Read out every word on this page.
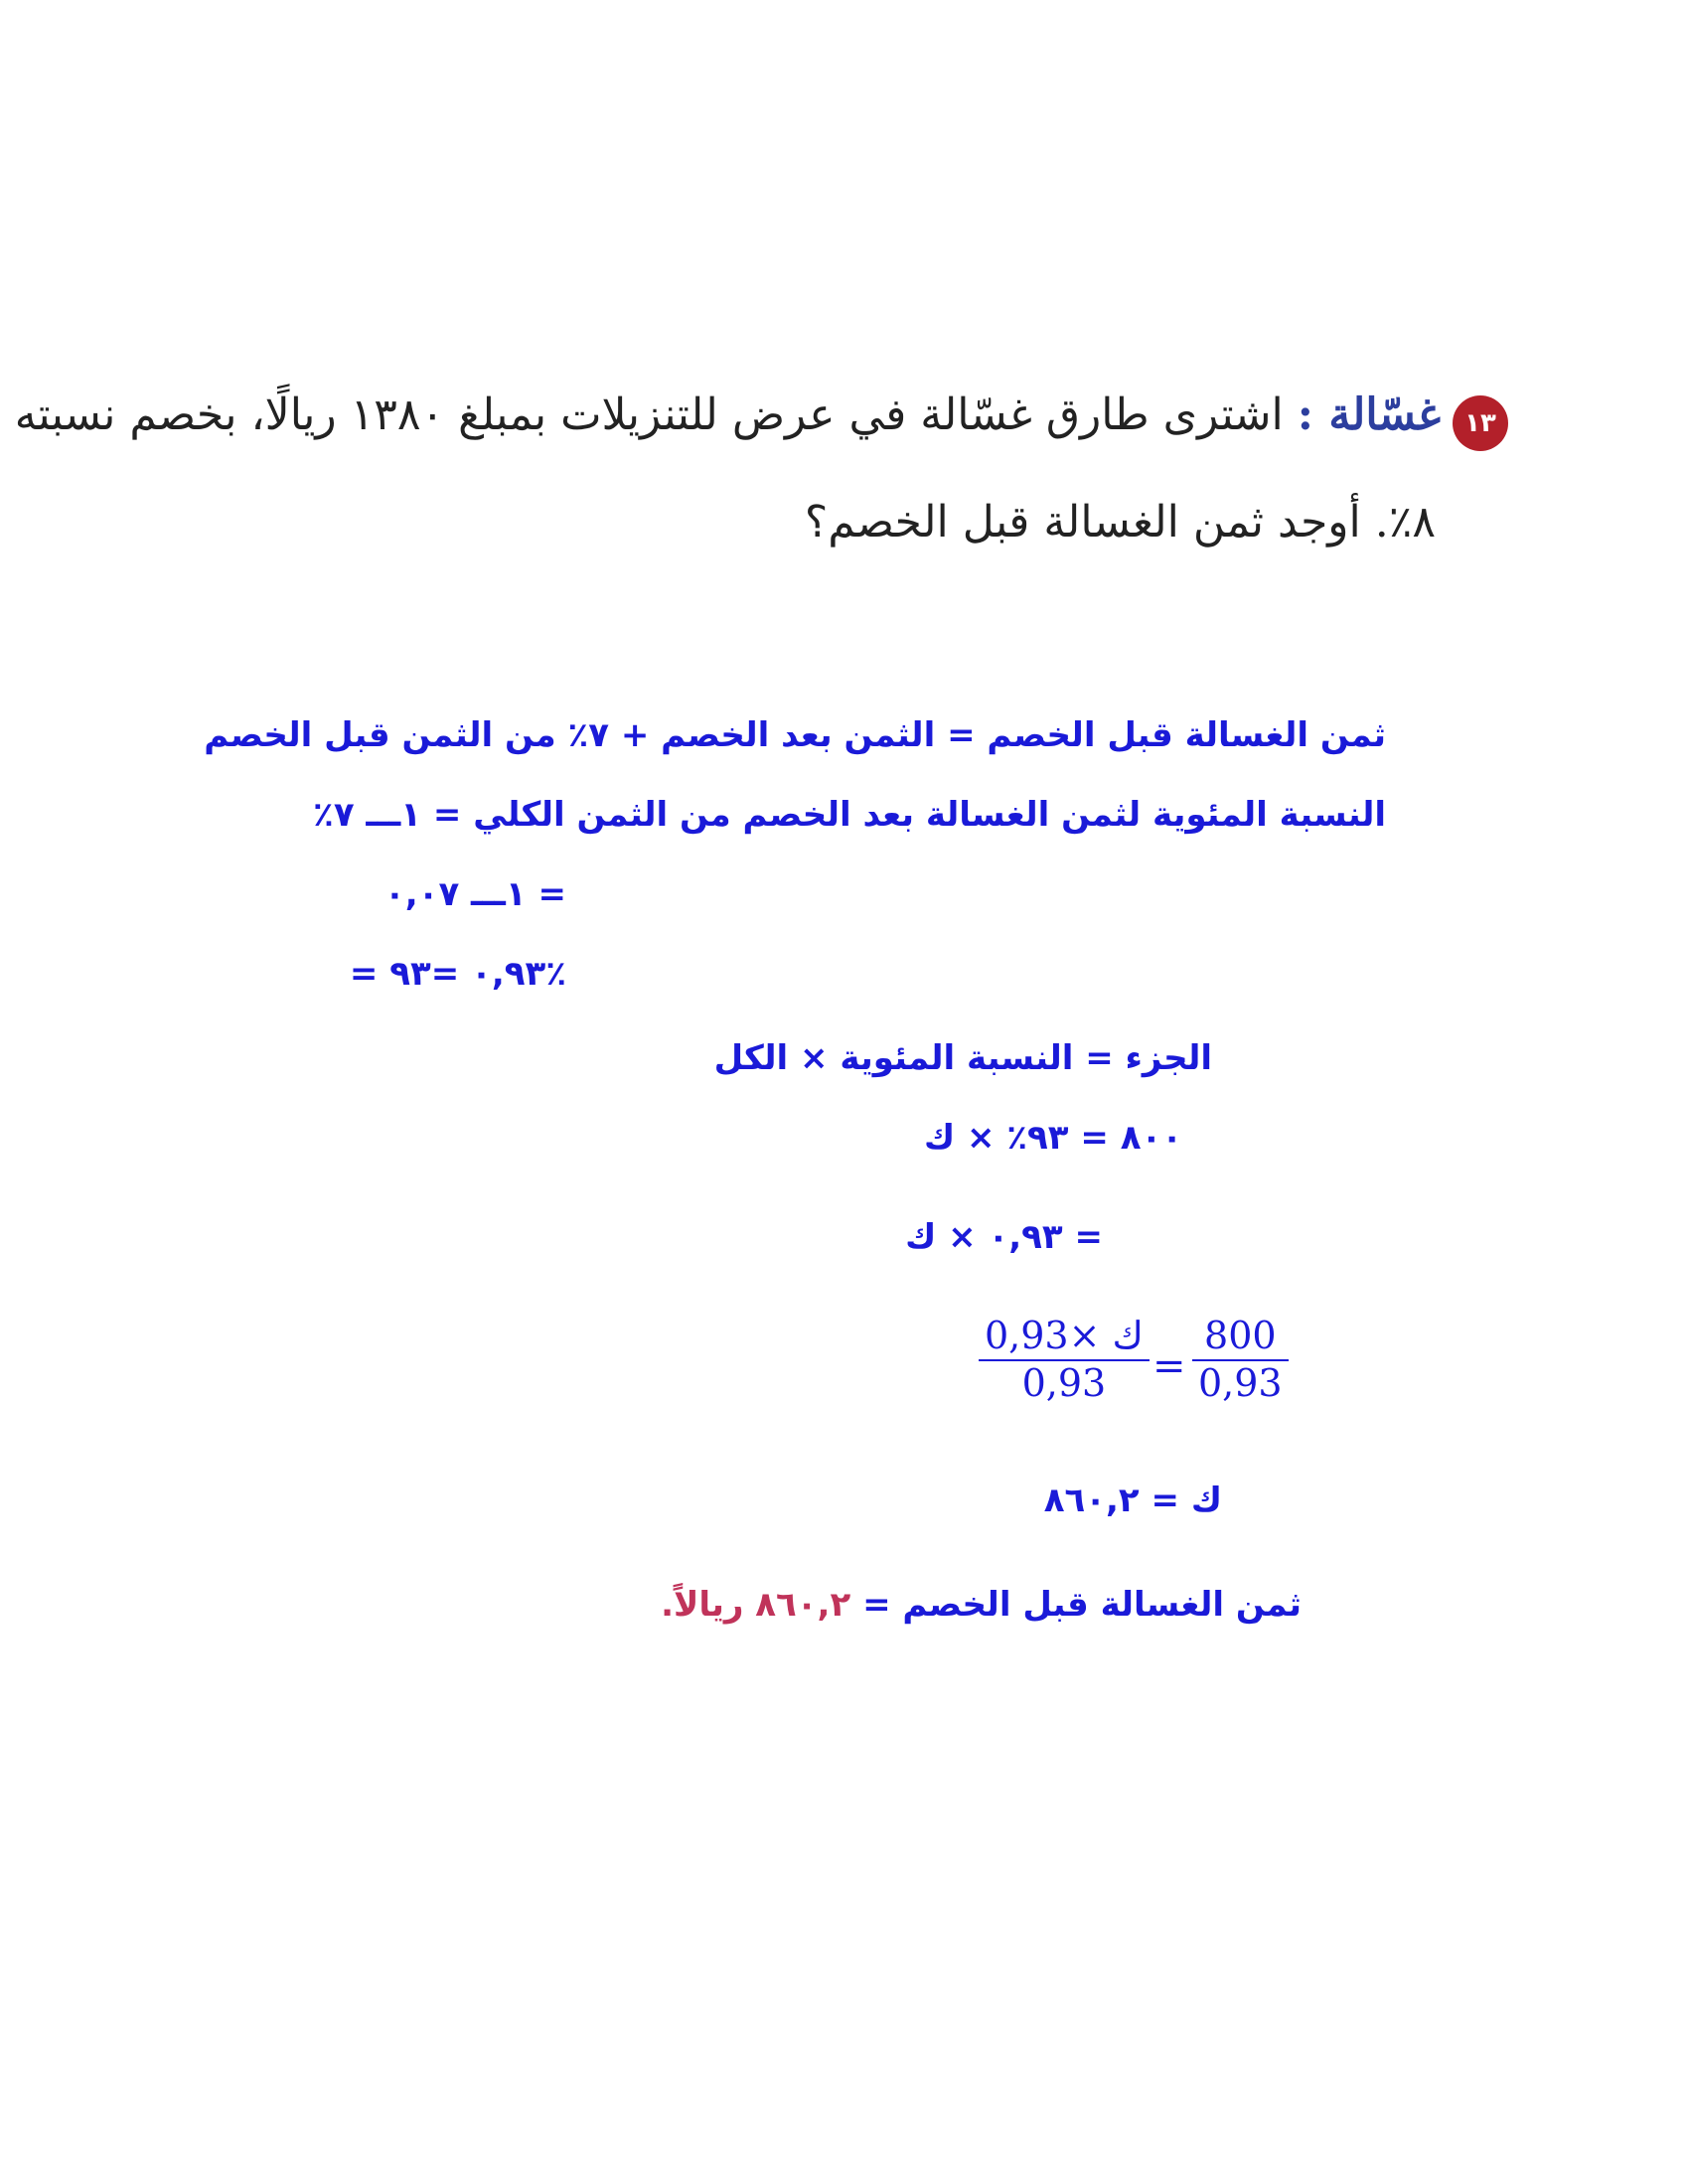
١٣
غسّالة : اشترى طارق غسّالة في عرض للتنزيلات بمبلغ ١٣٨٠ ريالًا، بخصم نسبته
٨٪. أوجد ثمن الغسالة قبل الخصم؟
ثمن الغسالة قبل الخصم = الثمن بعد الخصم + ٧٪ من الثمن قبل الخصم
النسبة المئوية لثمن الغسالة بعد الخصم من الثمن الكلي = ١ـــ ٧٪
= ١ـــ ٠,٠٧
= ٠,٩٣ =٩٣٪
الجزء = النسبة المئوية × الكل
٨٠٠ = ٩٣٪ × ك
= ٠,٩٣ × ك
0,93× ك
0,93 =
800
0,93
ك = ٨٦٠,٢
ثمن الغسالة قبل الخصم = ٨٦٠,٢ ريالاً.
